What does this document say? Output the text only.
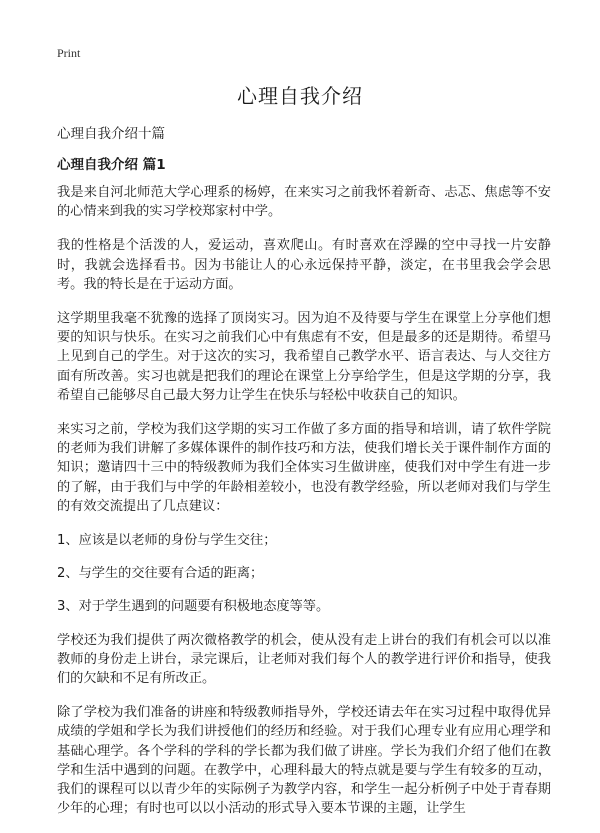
Print
心理自我介绍
心理自我介绍十篇
心理自我介绍 篇1

我是来自河北师范大学心理系的杨婷，在来实习之前我怀着新奇、忐忑、焦虑等不安的心情来到我的实习学校郑家村中学。

我的性格是个活泼的人，爱运动，喜欢爬山。有时喜欢在浮躁的空中寻找一片安静时，我就会选择看书。因为书能让人的心永远保持平静，淡定，在书里我会学会思考。我的特长是在于运动方面。

这学期里我毫不犹豫的选择了顶岗实习。因为迫不及待要与学生在课堂上分享他们想要的知识与快乐。在实习之前我们心中有焦虑有不安，但是最多的还是期待。希望马上见到自己的学生。对于这次的实习，我希望自己教学水平、语言表达、与人交往方面有所改善。实习也就是把我们的理论在课堂上分享给学生，但是这学期的分享，我希望自己能够尽自己最大努力让学生在快乐与轻松中收获自己的知识。

来实习之前，学校为我们这学期的实习工作做了多方面的指导和培训，请了软件学院的老师为我们讲解了多媒体课件的制作技巧和方法，使我们增长关于课件制作方面的知识；邀请四十三中的特级教师为我们全体实习生做讲座，使我们对中学生有进一步的了解，由于我们与中学的年龄相差较小，也没有教学经验，所以老师对我们与学生的有效交流提出了几点建议：

1、应该是以老师的身份与学生交往；

2、与学生的交往要有合适的距离；

3、对于学生遇到的问题要有积极地态度等等。

学校还为我们提供了两次微格教学的机会，使从没有走上讲台的我们有机会可以以准教师的身份走上讲台，录完课后，让老师对我们每个人的教学进行评价和指导，使我们的欠缺和不足有所改正。

除了学校为我们准备的讲座和特级教师指导外，学校还请去年在实习过程中取得优异成绩的学姐和学长为我们讲授他们的经历和经验。对于我们心理专业有应用心理学和基础心理学。各个学科的学科的学长都为我们做了讲座。学长为我们介绍了他们在教学和生活中遇到的问题。在教学中，心理科最大的特点就是要与学生有较多的互动，我们的课程可以以青少年的实际例子为教学内容，和学生一起分析例子中处于青春期少年的心理；有时也可以以小活动的形式导入要本节课的主题，让学生
